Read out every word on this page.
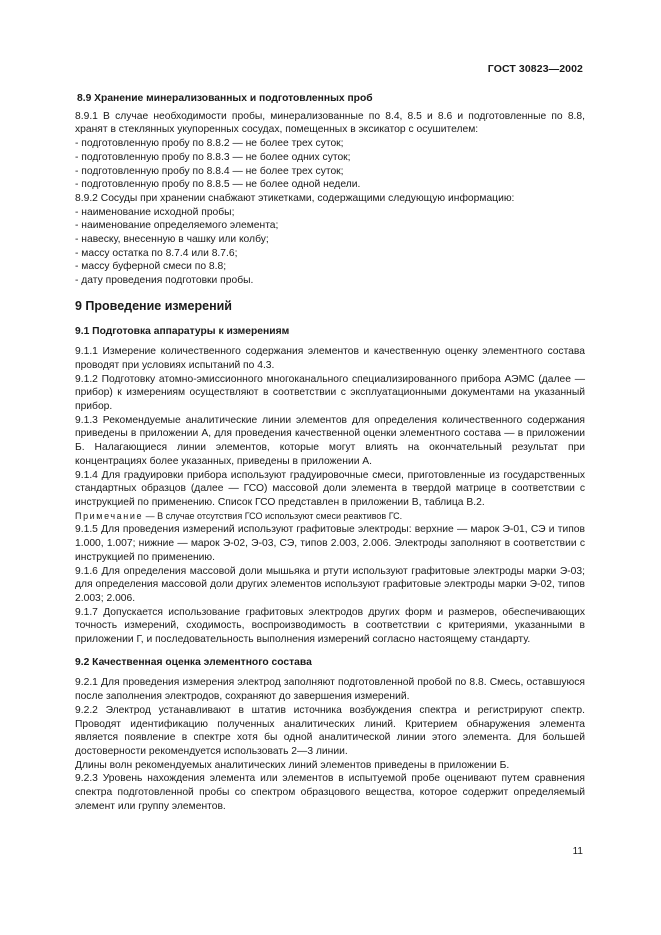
ГОСТ 30823—2002
8.9 Хранение минерализованных и подготовленных проб

8.9.1 В случае необходимости пробы, минерализованные по 8.4, 8.5 и 8.6 и подготовленные по 8.8, хранят в стеклянных укупоренных сосудах, помещенных в эксикатор с осушителем:

- подготовленную пробу по 8.8.2 — не более трех суток;

- подготовленную пробу по 8.8.3 — не более одних суток;

- подготовленную пробу по 8.8.4 — не более трех суток;

- подготовленную пробу по 8.8.5 — не более одной недели.

8.9.2 Сосуды при хранении снабжают этикетками, содержащими следующую информацию:

- наименование исходной пробы;

- наименование определяемого элемента;

- навеску, внесенную в чашку или колбу;

- массу остатка по 8.7.4 или 8.7.6;

- массу буферной смеси по 8.8;

- дату проведения подготовки пробы.

9 Проведение измерений
9.1 Подготовка аппаратуры к измерениям

9.1.1 Измерение количественного содержания элементов и качественную оценку элементного состава проводят при условиях испытаний по 4.3.

9.1.2 Подготовку атомно-эмиссионного многоканального специализированного прибора АЭМС (далее — прибор) к измерениям осуществляют в соответствии с эксплуатационными документами на указанный прибор.

9.1.3 Рекомендуемые аналитические линии элементов для определения количественного содержания приведены в приложении А, для проведения качественной оценки элементного состава — в приложении Б. Налагающиеся линии элементов, которые могут влиять на окончательный результат при концентрациях более указанных, приведены в приложении А.

9.1.4 Для градуировки прибора используют градуировочные смеси, приготовленные из государственных стандартных образцов (далее — ГСО) массовой доли элемента в твердой матрице в соответствии с инструкцией по применению. Список ГСО представлен в приложении В, таблица В.2.

Примечание — В случае отсутствия ГСО используют смеси реактивов ГС.

9.1.5 Для проведения измерений используют графитовые электроды: верхние — марок Э-01, СЭ и типов 1.000, 1.007; нижние — марок Э-02, Э-03, СЭ, типов 2.003, 2.006. Электроды заполняют в соответствии с инструкцией по применению.

9.1.6 Для определения массовой доли мышьяка и ртути используют графитовые электроды марки Э-03; для определения массовой доли других элементов используют графитовые электроды марки Э-02, типов 2.003; 2.006.

9.1.7 Допускается использование графитовых электродов других форм и размеров, обеспечивающих точность измерений, сходимость, воспроизводимость в соответствии с критериями, указанными в приложении Г, и последовательность выполнения измерений согласно настоящему стандарту.

9.2 Качественная оценка элементного состава

9.2.1 Для проведения измерения электрод заполняют подготовленной пробой по 8.8. Смесь, оставшуюся после заполнения электродов, сохраняют до завершения измерений.

9.2.2 Электрод устанавливают в штатив источника возбуждения спектра и регистрируют спектр. Проводят идентификацию полученных аналитических линий. Критерием обнаружения элемента является появление в спектре хотя бы одной аналитической линии этого элемента. Для большей достоверности рекомендуется использовать 2—3 линии.

Длины волн рекомендуемых аналитических линий элементов приведены в приложении Б.

9.2.3 Уровень нахождения элемента или элементов в испытуемой пробе оценивают путем сравнения спектра подготовленной пробы со спектром образцового вещества, которое содержит определяемый элемент или группу элементов.

11
